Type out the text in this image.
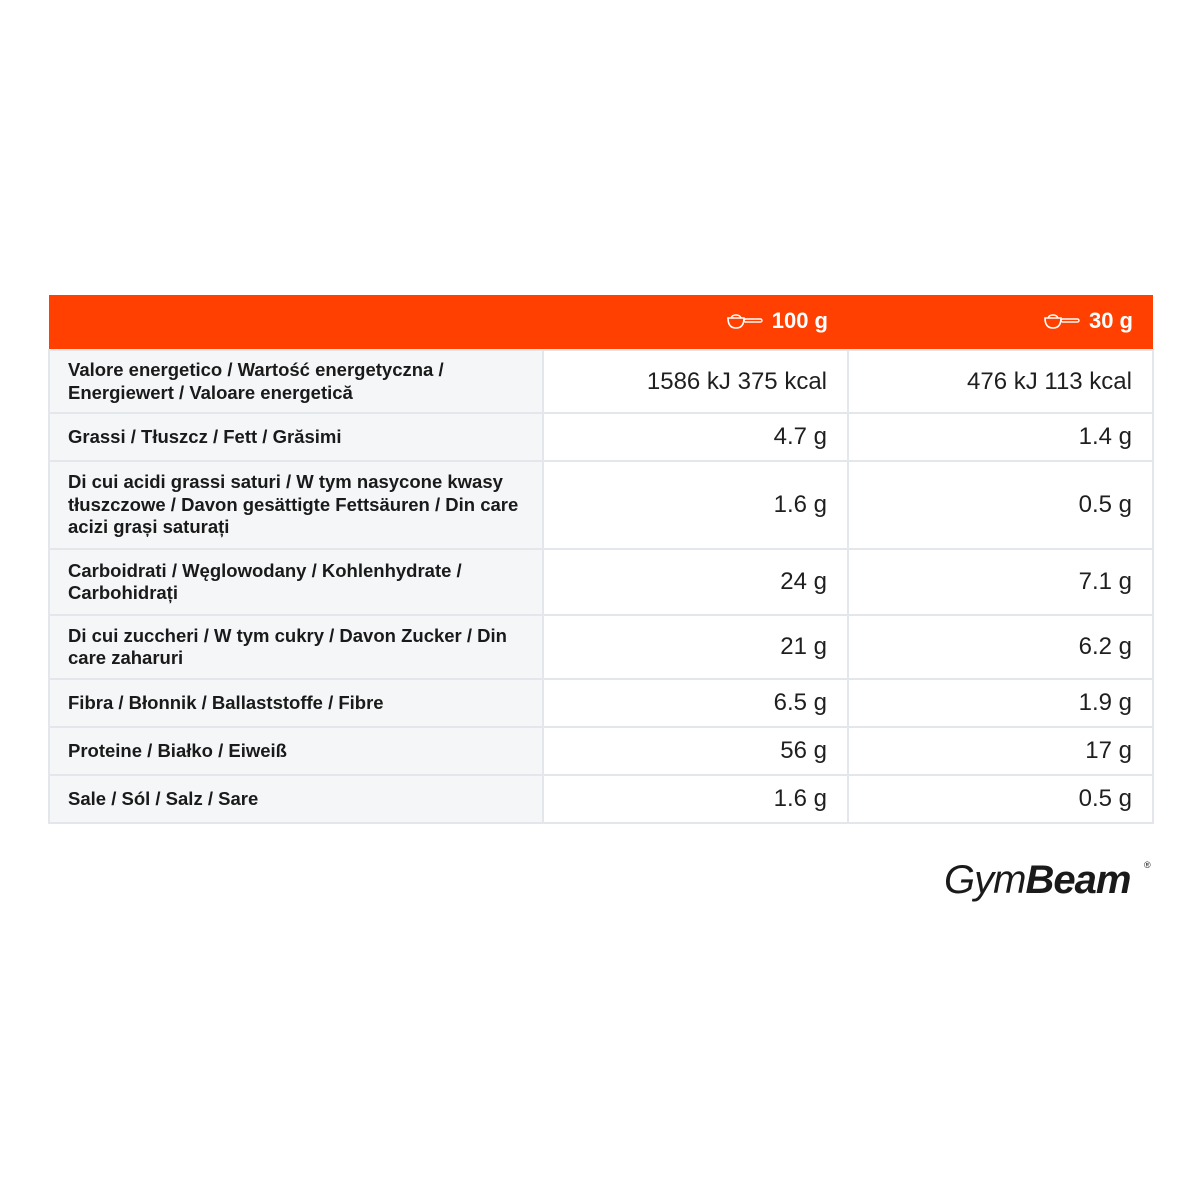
	100 g	30 g

Valore energetico / Wartość energetyczna / Energiewert / Valoare energetică	1586 kJ 375 kcal	476 kJ 113 kcal
Grassi / Tłuszcz / Fett / Grăsimi	4.7 g	1.4 g
Di cui acidi grassi saturi / W tym nasycone kwasy tłuszczowe / Davon gesättigte Fettsäuren / Din care acizi grași saturați	1.6 g	0.5 g
Carboidrati / Węglowodany / Kohlenhydrate / Carbohidrați	24 g	7.1 g
Di cui zuccheri / W tym cukry / Davon Zucker / Din care zaharuri	21 g	6.2 g
Fibra / Błonnik / Ballaststoffe / Fibre	6.5 g	1.9 g
Proteine / Białko / Eiweiß	56 g	17 g
Sale / Sól / Salz / Sare	1.6 g	0.5 g
GymBeam ®
